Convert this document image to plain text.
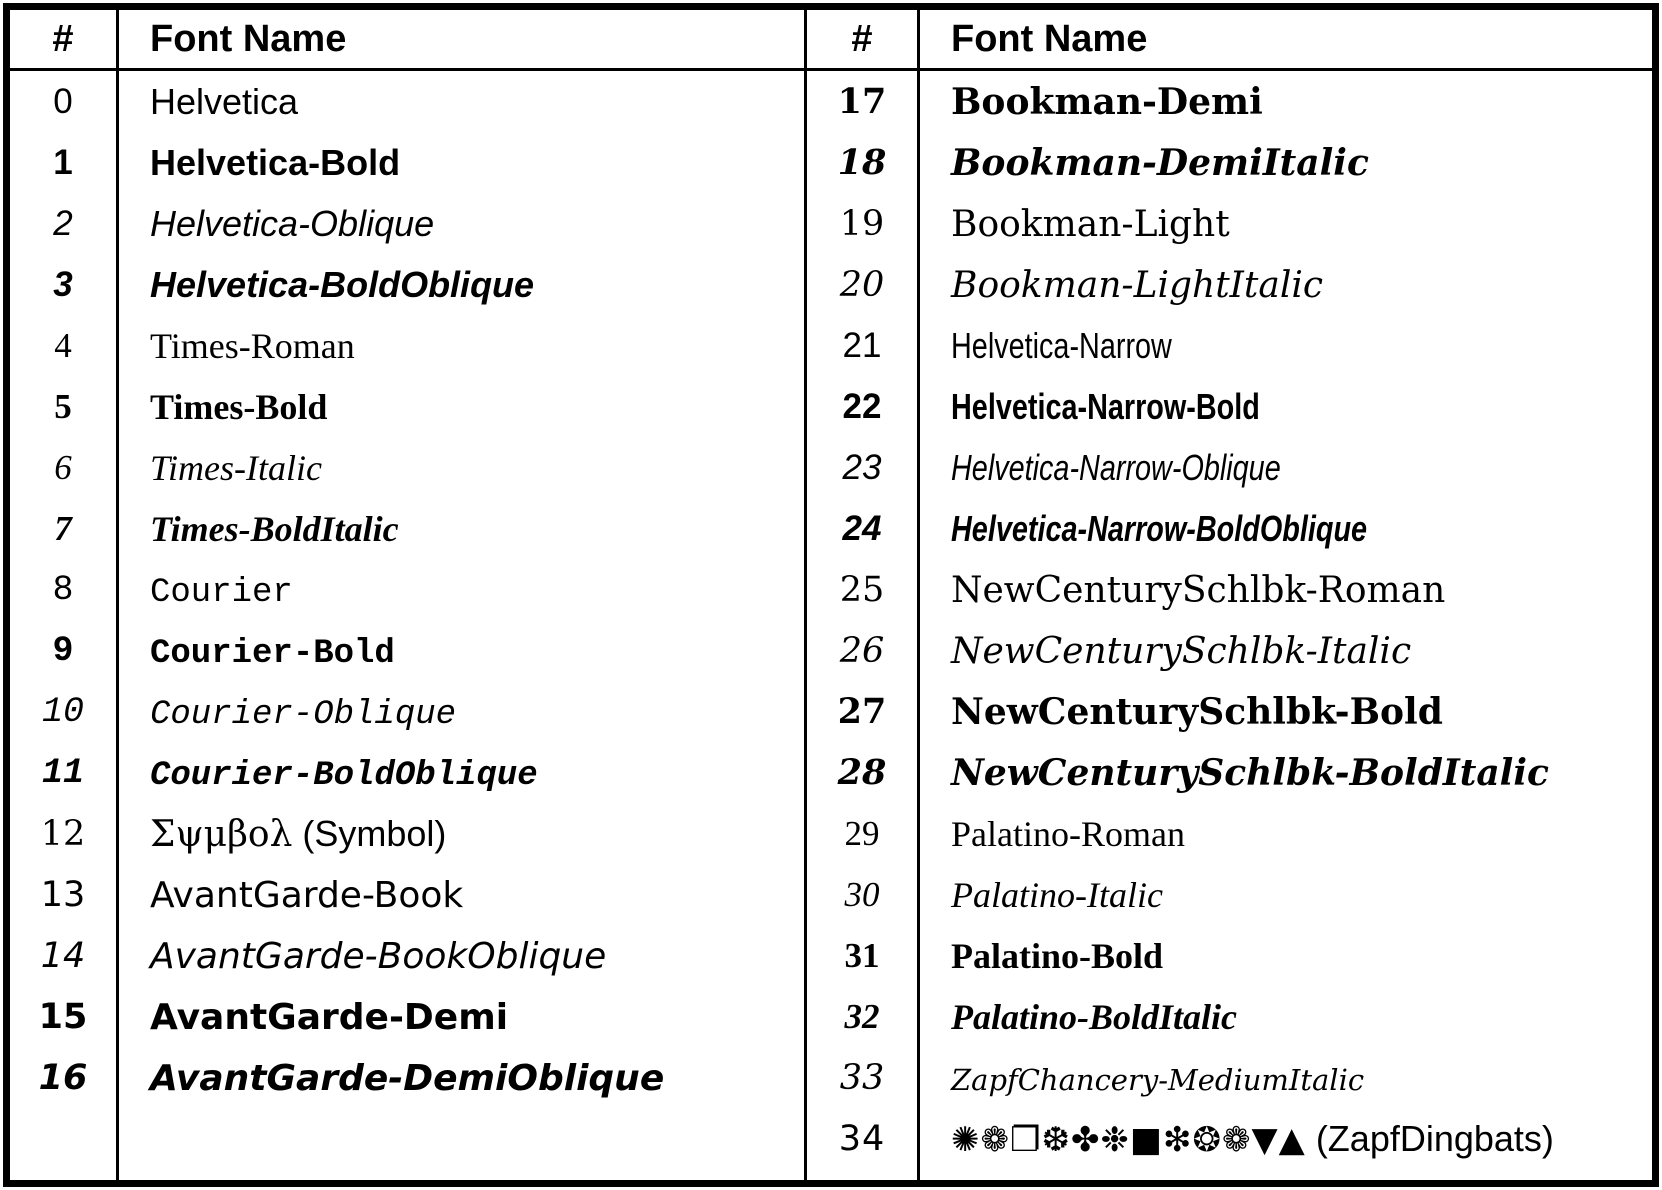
#	Font Name
0	Helvetica
1	Helvetica-Bold
2	Helvetica-Oblique
3	Helvetica-BoldOblique
4	Times-Roman
5	Times-Bold
6	Times-Italic
7	Times-BoldItalic
8	Courier
9	Courier-Bold
10	Courier-Oblique
11	Courier-BoldOblique
12	Σψμβολ (Symbol)
13	AvantGarde-Book
14	AvantGarde-BookOblique
15	AvantGarde-Demi
16	AvantGarde-DemiOblique
#	Font Name
17	Bookman-Demi
18	Bookman-DemiItalic
19	Bookman-Light
20	Bookman-LightItalic
21	Helvetica-Narrow
22	Helvetica-Narrow-Bold
23	Helvetica-Narrow-Oblique
24	Helvetica-Narrow-BoldOblique
25	NewCenturySchlbk-Roman
26	NewCenturySchlbk-Italic
27	NewCenturySchlbk-Bold
28	NewCenturySchlbk-BoldItalic
29	Palatino-Roman
30	Palatino-Italic
31	Palatino-Bold
32	Palatino-BoldItalic
33	ZapfChancery-MediumItalic
34	✺❁❐❆✤❉■❇❂❁▼▲ (ZapfDingbats)
